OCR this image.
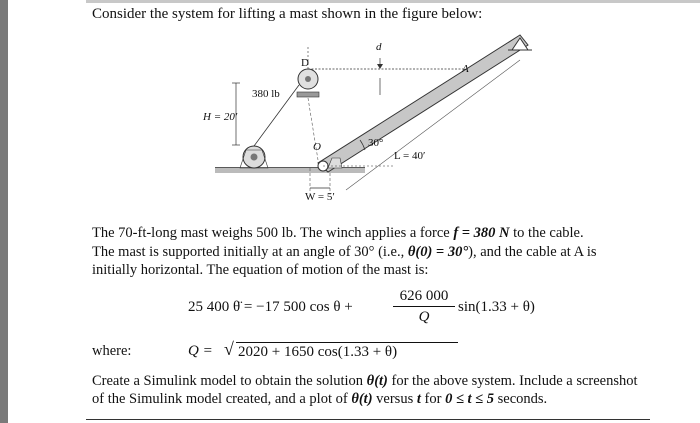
Consider the system for lifting a mast shown in the figure below:
d
D	A
O
380 lb
H = 20′
30°
L = 40′
W = 5′
The 70-ft-long mast weighs 500 lb. The winch applies a force f = 380 N to the cable.
The mast is supported initially at an angle of 30° (i.e., θ(0) = 30°), and the cable at A is
initially horizontal. The equation of motion of the mast is:
25 400 θ̈ = −17 500 cos θ +
626 000
Q
sin(1.33 + θ)
where:	Q = √ 2020 + 1650 cos(1.33 + θ)
Create a Simulink model to obtain the solution θ(t) for the above system. Include a screenshot
of the Simulink model created, and a plot of θ(t) versus t for 0 ≤ t ≤ 5 seconds.
